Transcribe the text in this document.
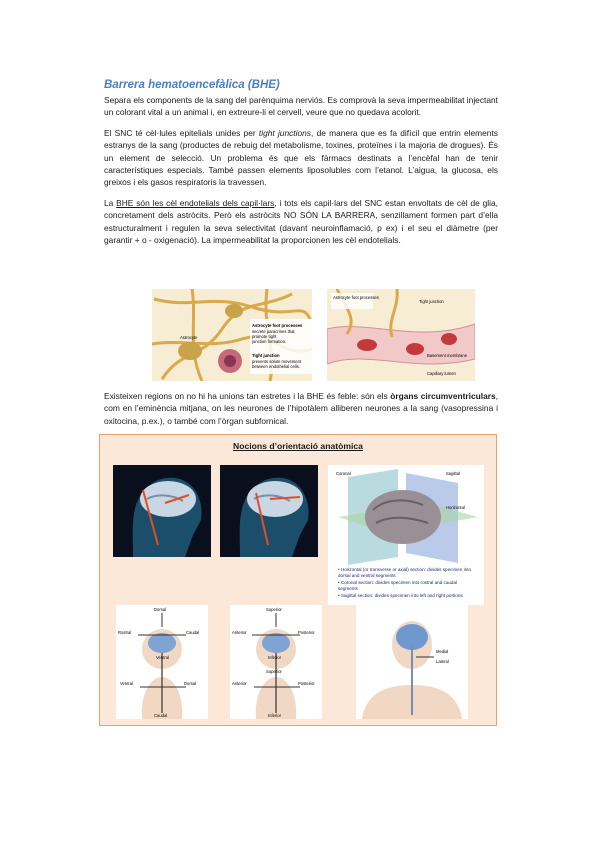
Barrera hematoencefàlica (BHE)

Separa els components de la sang del parènquima nerviós. Es comprovà la seva impermeabilitat injectant un colorant vital a un animal i, en extreure-li el cervell, veure que no quedava acolorit.

El SNC té cèl·lules epitelials unides per tight junctions, de manera que es fa difícil que entrin elements estranys de la sang (productes de rebuig del metabolisme, toxines, proteïnes i la majoria de drogues). És un element de selecció. Un problema és que els fàrmacs destinats a l’encèfal han de tenir característiques especials. També passen elements liposolubles com l’etanol. L’aigua, la glucosa, els greixos i els gasos respiratoris la travessen.

La BHE són les cèl endotelials dels capil·lars, i tots els capil·lars del SNC estan envoltats de cèl de glia, concretament dels astròcits. Però els astròcits NO SÓN LA BARRERA, senzillament formen part d’ella estructuralment i regulen la seva selectivitat (davant neuroinflamació, p ex) i el seu el diàmetre (per garantir + o - oxigenació). La impermeabilitat la proporcionen les cèl endotelials.

Astrocyte foot processes
secrete paracrines that
promote tight
junction formation.
Tight junction
prevents solute movement
between endothelial cells.
Astrocyte
Astrocyte foot processes
Tight junction
Basement membrane
Capillary lumen

Existeixen regions on no hi ha unions tan estretes i la BHE és feble: són els òrgans circumventriculars, com en l’eminència mitjana, on les neurones de l’hipotàlem alliberen neurones a la sang (vasopressina i oxitocina, p.ex.), o també com l’òrgan subfornical.

Nocions d’orientació anatòmica
Coronal	Sagittal
Horizontal
• Horizontal (or transverse or axial) section: divides specimen into dorsal and ventral segments
• Coronal section: divides specimen into rostral and caudal segments
• Sagittal section: divides specimen into left and right portions
Dorsal
Rostral	Caudal
Ventral
Ventral	Dorsal
Caudal
Superior
Anterior	Posterior
Inferior
Superior
Anterior	Posterior
Inferior
Medial
Lateral
